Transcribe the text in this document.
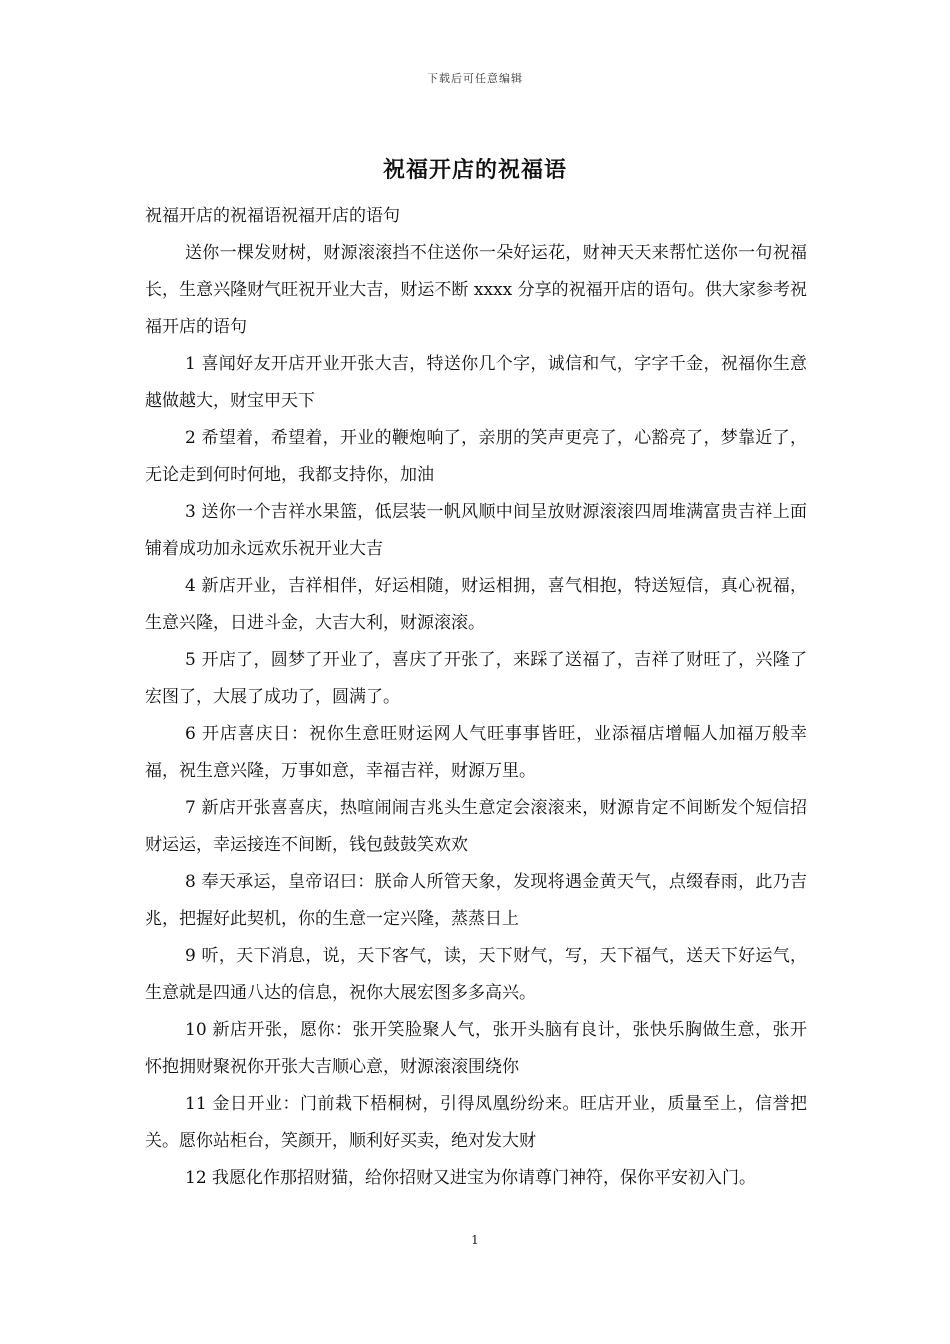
下载后可任意编辑
祝福开店的祝福语

祝福开店的祝福语祝福开店的语句

送你一棵发财树，财源滚滚挡不住送你一朵好运花，财神天天来帮忙送你一句祝福长，生意兴隆财气旺祝开业大吉，财运不断 xxxx 分享的祝福开店的语句。供大家参考祝福开店的语句

1 喜闻好友开店开业开张大吉，特送你几个字，诚信和气，字字千金，祝福你生意越做越大，财宝甲天下

2 希望着，希望着，开业的鞭炮响了，亲朋的笑声更亮了，心豁亮了，梦靠近了，无论走到何时何地，我都支持你，加油

3 送你一个吉祥水果篮，低层装一帆风顺中间呈放财源滚滚四周堆满富贵吉祥上面铺着成功加永远欢乐祝开业大吉

4 新店开业，吉祥相伴，好运相随，财运相拥，喜气相抱，特送短信，真心祝福，生意兴隆，日进斗金，大吉大利，财源滚滚。

5 开店了，圆梦了开业了，喜庆了开张了，来踩了送福了，吉祥了财旺了，兴隆了宏图了，大展了成功了，圆满了。

6 开店喜庆日：祝你生意旺财运网人气旺事事皆旺，业添福店增幅人加福万般幸福，祝生意兴隆，万事如意，幸福吉祥，财源万里。

7 新店开张喜喜庆，热喧闹闹吉兆头生意定会滚滚来，财源肯定不间断发个短信招财运运，幸运接连不间断，钱包鼓鼓笑欢欢

8 奉天承运，皇帝诏曰：朕命人所管天象，发现将遇金黄天气，点缀春雨，此乃吉兆，把握好此契机，你的生意一定兴隆，蒸蒸日上

9 听，天下消息，说，天下客气，读，天下财气，写，天下福气，送天下好运气，生意就是四通八达的信息，祝你大展宏图多多高兴。

10 新店开张，愿你：张开笑脸聚人气，张开头脑有良计，张快乐胸做生意，张开怀抱拥财聚祝你开张大吉顺心意，财源滚滚围绕你

11 金日开业：门前栽下梧桐树，引得凤凰纷纷来。旺店开业，质量至上，信誉把关。愿你站柜台，笑颜开，顺利好买卖，绝对发大财

12 我愿化作那招财猫，给你招财又进宝为你请尊门神符，保你平安初入门。

1
